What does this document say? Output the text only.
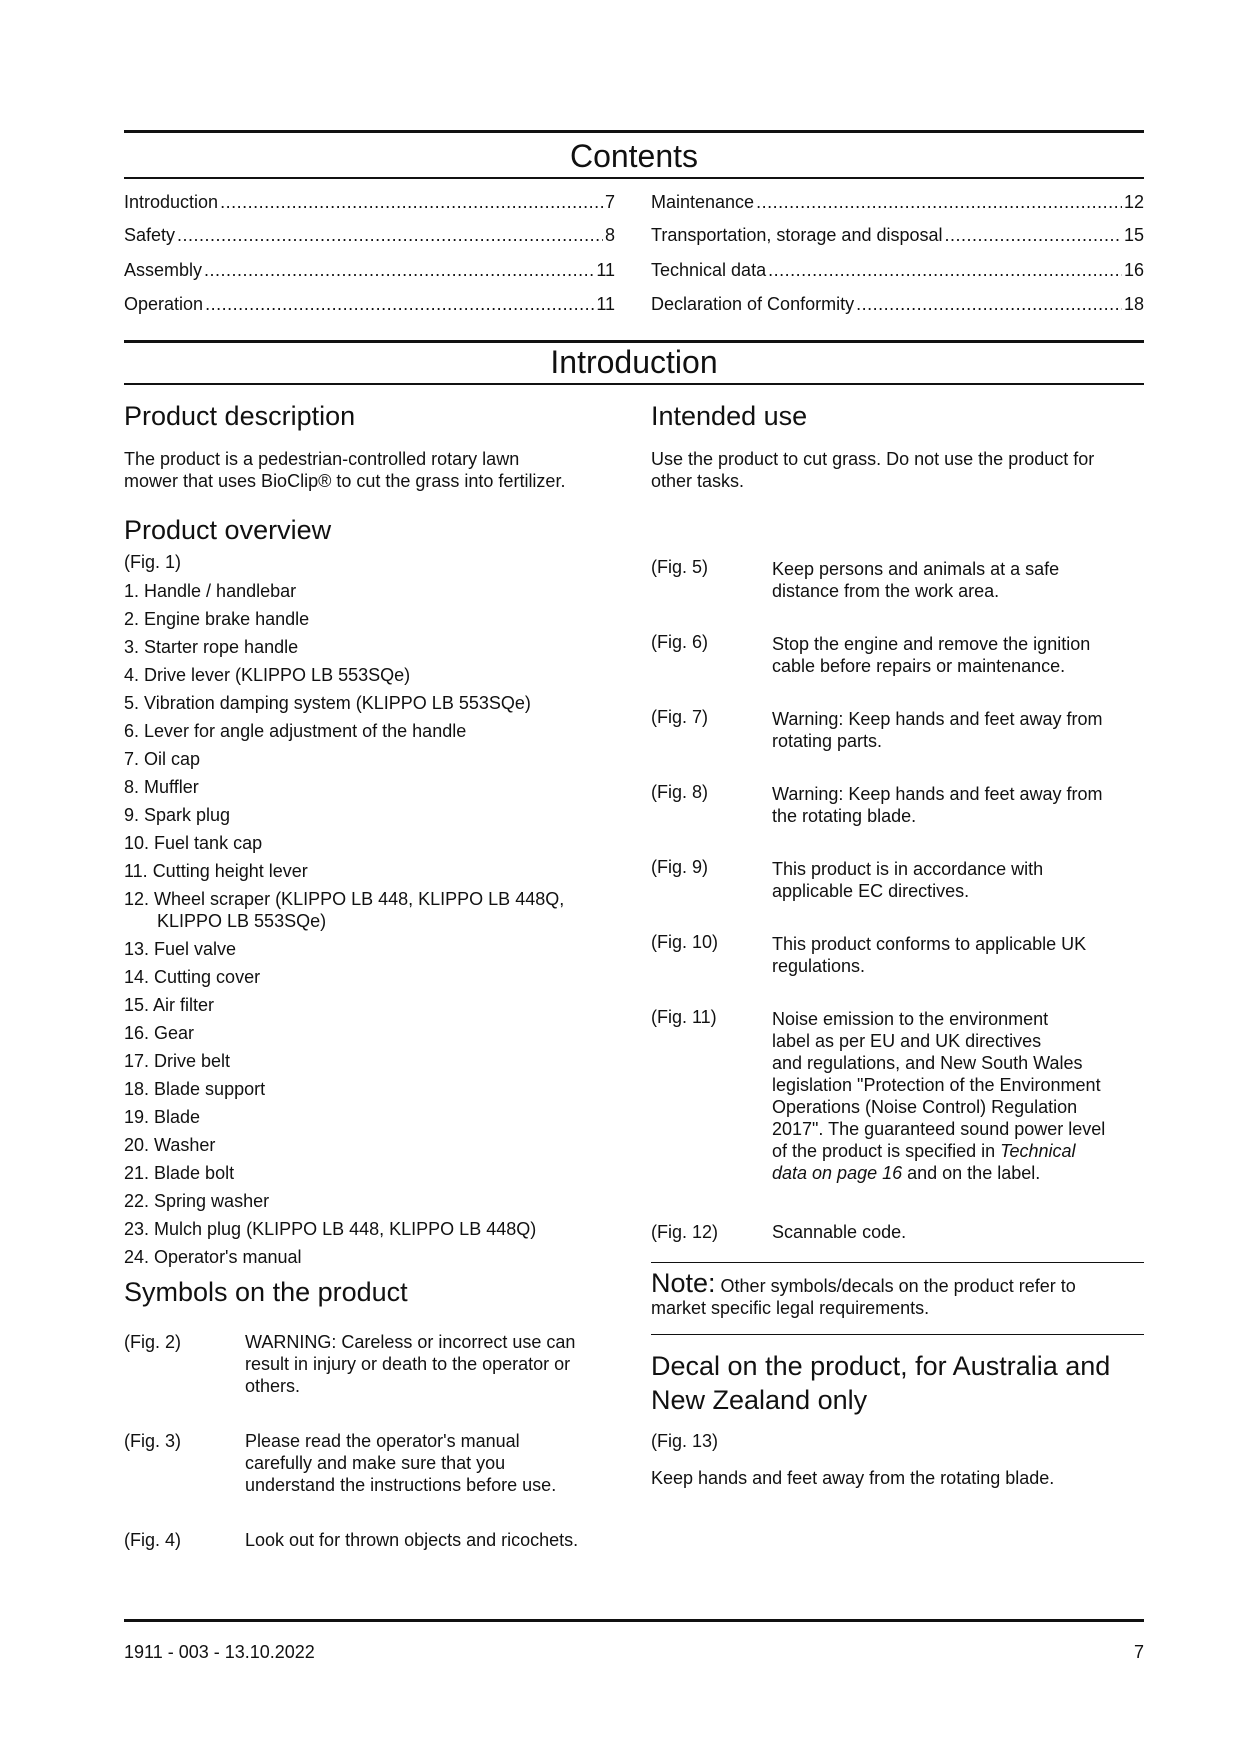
Contents
Introduction .....	7
Safety .....	8
Assembly .....	11
Operation .....	11
Maintenance .....	12
Transportation, storage and disposal .....	15
Technical data .....	16
Declaration of Conformity .....	18
Introduction
Product description
The product is a pedestrian-controlled rotary lawn
mower that uses BioClip® to cut the grass into fertilizer.
Product overview
(Fig. 1)
1. Handle / handlebar
2. Engine brake handle
3. Starter rope handle
4. Drive lever (KLIPPO LB 553SQe)
5. Vibration damping system (KLIPPO LB 553SQe)
6. Lever for angle adjustment of the handle
7. Oil cap
8. Muffler
9. Spark plug
10. Fuel tank cap
11. Cutting height lever
12. Wheel scraper (KLIPPO LB 448, KLIPPO LB 448Q,
KLIPPO LB 553SQe)
13. Fuel valve
14. Cutting cover
15. Air filter
16. Gear
17. Drive belt
18. Blade support
19. Blade
20. Washer
21. Blade bolt
22. Spring washer
23. Mulch plug (KLIPPO LB 448, KLIPPO LB 448Q)
24. Operator's manual
Symbols on the product
(Fig. 2)	WARNING: Careless or incorrect use can
result in injury or death to the operator or
others.
(Fig. 3)	Please read the operator's manual
carefully and make sure that you
understand the instructions before use.
(Fig. 4)	Look out for thrown objects and ricochets.
Intended use
Use the product to cut grass. Do not use the product for
other tasks.
(Fig. 5)	Keep persons and animals at a safe
distance from the work area.
(Fig. 6)	Stop the engine and remove the ignition
cable before repairs or maintenance.
(Fig. 7)	Warning: Keep hands and feet away from
rotating parts.
(Fig. 8)	Warning: Keep hands and feet away from
the rotating blade.
(Fig. 9)	This product is in accordance with
applicable EC directives.
(Fig. 10)	This product conforms to applicable UK
regulations.
(Fig. 11)	Noise emission to the environment
label as per EU and UK directives
and regulations, and New South Wales
legislation "Protection of the Environment
Operations (Noise Control) Regulation
2017". The guaranteed sound power level
of the product is specified in Technical
data on page 16 and on the label.
(Fig. 12)	Scannable code.
Note: Other symbols/decals on the product refer to
market specific legal requirements.
Decal on the product, for Australia and
New Zealand only
(Fig. 13)
Keep hands and feet away from the rotating blade.
1911 - 003 - 13.10.2022	7
